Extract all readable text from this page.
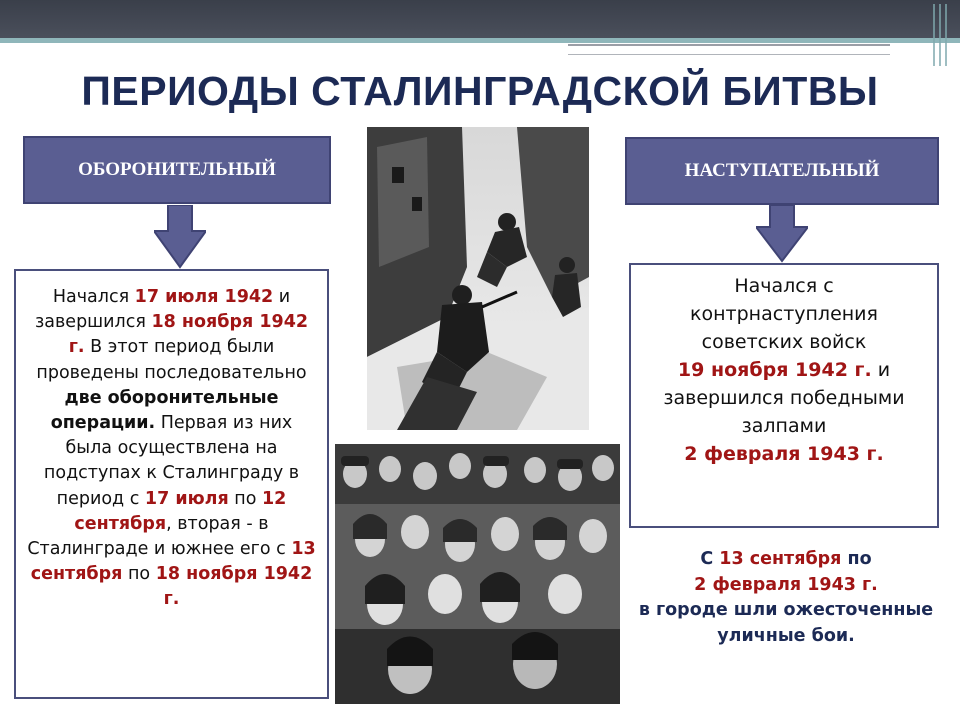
ПЕРИОДЫ СТАЛИНГРАДСКОЙ БИТВЫ
ОБОРОНИТЕЛЬНЫЙ	НАСТУПАТЕЛЬНЫЙ
Начался 17 июля 1942 и завершился 18 ноября 1942 г. В этот период были проведены последовательно две оборонительные операции. Первая из них была осуществлена на подступах к Сталинграду в период с 17 июля по 12 сентября, вторая - в Сталинграде и южнее его с 13 сентября по 18 ноября 1942 г.
Начался с контрнаступления советских войск
19 ноября 1942 г. и завершился победными залпами
2 февраля 1943 г.
С 13 сентября по
2 февраля 1943 г.
в городе шли ожесточенные уличные бои.
